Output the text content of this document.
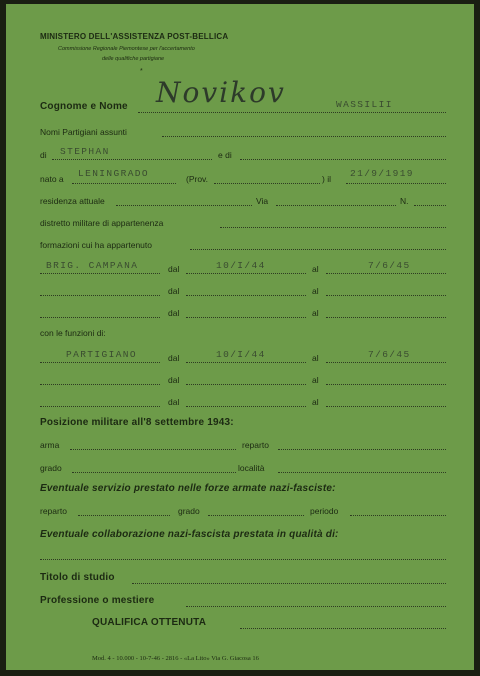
MINISTERO DELL'ASSISTENZA POST-BELLICA
Commissione Regionale Piemontese per l'accertamento
delle qualifiche partigiane
*
Cognome e Nome Novikov	WASSILII
Nomi Partigiani assunti
di STEPHAN	e di
nato a LENINGRADO	(Prov.	) il 21/9/1919
residenza attuale	Via	N.
distretto militare di appartenenza
formazioni cui ha appartenuto
BRIG. CAMPANA	dal	10/I/44	al	7/6/45
dal	al
dal	al
con le funzioni di:
PARTIGIANO	dal	10/I/44	al	7/6/45
dal	al
dal	al
Posizione militare all'8 settembre 1943:
arma	reparto
grado	località
Eventuale servizio prestato nelle forze armate nazi-fasciste:
reparto	grado	periodo
Eventuale collaborazione nazi-fascista prestata in qualità di:
Titolo di studio
Professione o mestiere
QUALIFICA OTTENUTA
Mod. 4 - 10.000 - 10-7-46 - 2816 - «La Lito» Via G. Giacosa 16
